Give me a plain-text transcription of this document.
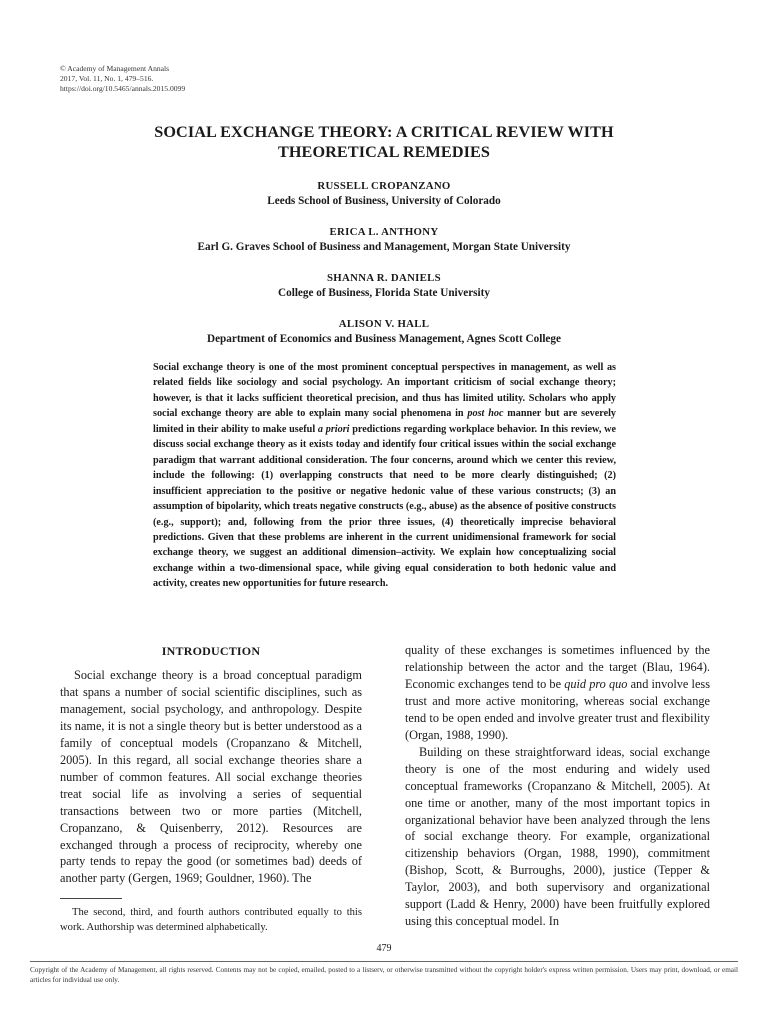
© Academy of Management Annals
2017, Vol. 11, No. 1, 479–516.
https://doi.org/10.5465/annals.2015.0099
SOCIAL EXCHANGE THEORY: A CRITICAL REVIEW WITH
THEORETICAL REMEDIES
RUSSELL CROPANZANO
Leeds School of Business, University of Colorado
ERICA L. ANTHONY
Earl G. Graves School of Business and Management, Morgan State University
SHANNA R. DANIELS
College of Business, Florida State University
ALISON V. HALL
Department of Economics and Business Management, Agnes Scott College

Social exchange theory is one of the most prominent conceptual perspectives in management, as well as related fields like sociology and social psychology. An important criticism of social exchange theory; however, is that it lacks sufficient theoretical precision, and thus has limited utility. Scholars who apply social exchange theory are able to explain many social phenomena in post hoc manner but are severely limited in their ability to make useful a priori predictions regarding workplace behavior. In this review, we discuss social exchange theory as it exists today and identify four critical issues within the social exchange paradigm that warrant additional consideration. The four concerns, around which we center this review, include the following: (1) overlapping constructs that need to be more clearly distinguished; (2) insufficient appreciation to the positive or negative hedonic value of these various constructs; (3) an assumption of bipolarity, which treats negative constructs (e.g., abuse) as the absence of positive constructs (e.g., support); and, following from the prior three issues, (4) theoretically imprecise behavioral predictions. Given that these problems are inherent in the current unidimensional framework for social exchange theory, we suggest an additional dimension–activity. We explain how conceptualizing social exchange within a two-dimensional space, while giving equal consideration to both hedonic value and activity, creates new opportunities for future research.

INTRODUCTION

Social exchange theory is a broad conceptual paradigm that spans a number of social scientific disciplines, such as management, social psychology, and anthropology. Despite its name, it is not a single theory but is better understood as a family of conceptual models (Cropanzano & Mitchell, 2005). In this regard, all social exchange theories share a number of common features. All social exchange theories treat social life as involving a series of sequential transactions between two or more parties (Mitchell, Cropanzano, & Quisenberry, 2012). Resources are exchanged through a process of reciprocity, whereby one party tends to repay the good (or sometimes bad) deeds of another party (Gergen, 1969; Gouldner, 1960). The

quality of these exchanges is sometimes influenced by the relationship between the actor and the target (Blau, 1964). Economic exchanges tend to be quid pro quo and involve less trust and more active monitoring, whereas social exchange tend to be open ended and involve greater trust and flexibility (Organ, 1988, 1990).

Building on these straightforward ideas, social exchange theory is one of the most enduring and widely used conceptual frameworks (Cropanzano & Mitchell, 2005). At one time or another, many of the most important topics in organizational behavior have been analyzed through the lens of social exchange theory. For example, organizational citizenship behaviors (Organ, 1988, 1990), commitment (Bishop, Scott, & Burroughs, 2000), justice (Tepper & Taylor, 2003), and both supervisory and organizational support (Ladd & Henry, 2000) have been fruitfully explored using this conceptual model. In

The second, third, and fourth authors contributed equally to this work. Authorship was determined alphabetically.

479
Copyright of the Academy of Management, all rights reserved. Contents may not be copied, emailed, posted to a listserv, or otherwise transmitted without the copyright holder's express written permission. Users may print, download, or email articles for individual use only.
